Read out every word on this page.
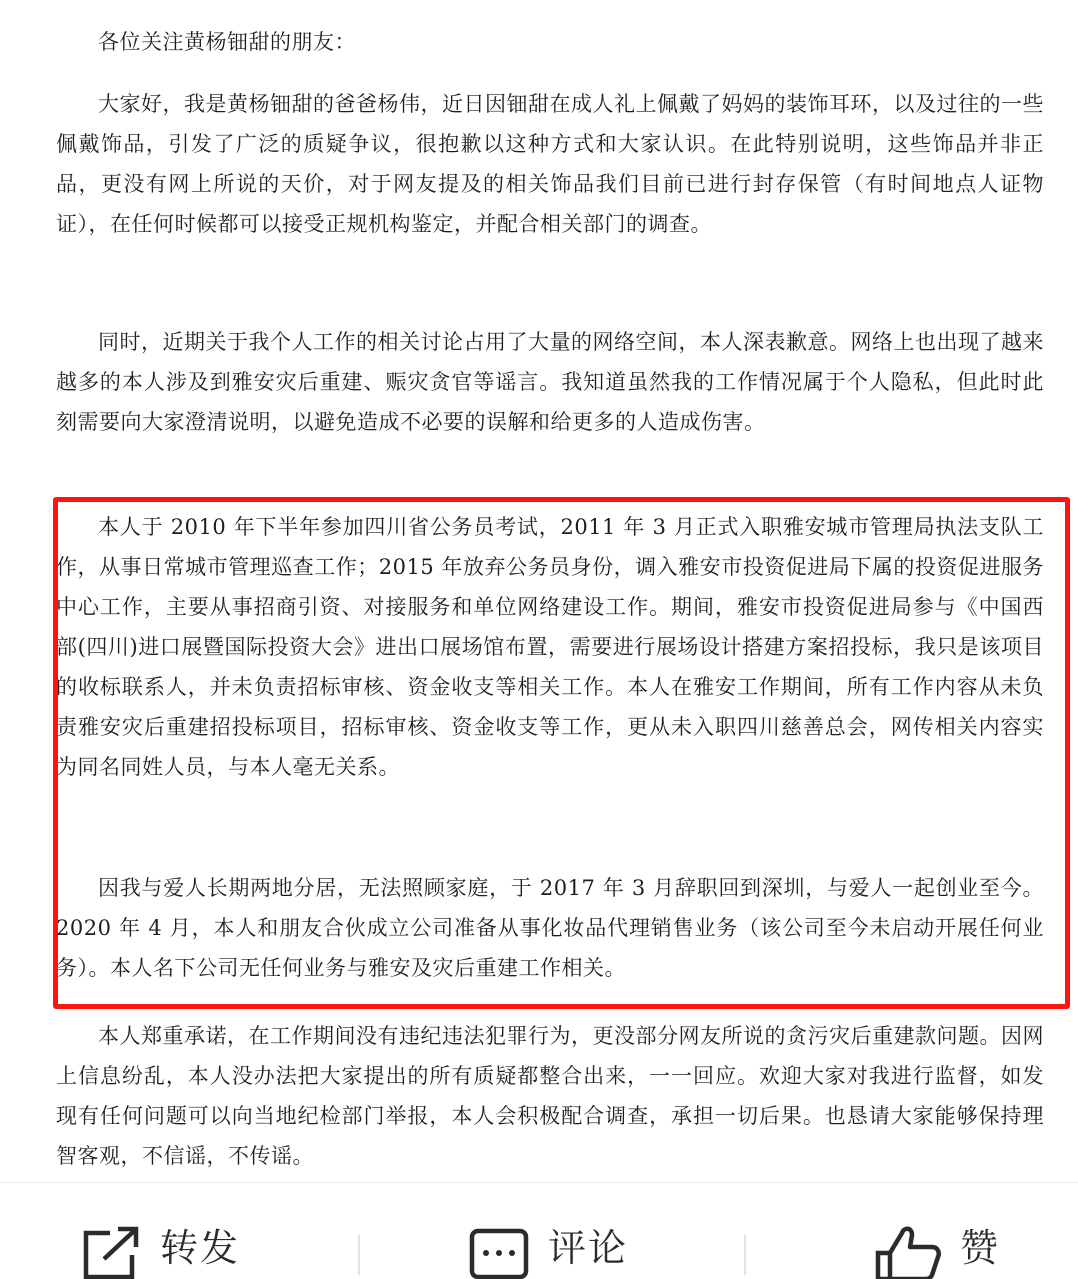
各位关注黄杨钿甜的朋友：

大家好，我是黄杨钿甜的爸爸杨伟，近日因钿甜在成人礼上佩戴了妈妈的装饰耳环，以及过往的一些佩戴饰品，引发了广泛的质疑争议，很抱歉以这种方式和大家认识。在此特别说明，这些饰品并非正品，更没有网上所说的天价，对于网友提及的相关饰品我们目前已进行封存保管（有时间地点人证物证），在任何时候都可以接受正规机构鉴定，并配合相关部门的调查。

同时，近期关于我个人工作的相关讨论占用了大量的网络空间，本人深表歉意。网络上也出现了越来越多的本人涉及到雅安灾后重建、赈灾贪官等谣言。我知道虽然我的工作情况属于个人隐私，但此时此刻需要向大家澄清说明，以避免造成不必要的误解和给更多的人造成伤害。

本人于 2010 年下半年参加四川省公务员考试，2011 年 3 月正式入职雅安城市管理局执法支队工作，从事日常城市管理巡查工作；2015 年放弃公务员身份，调入雅安市投资促进局下属的投资促进服务中心工作，主要从事招商引资、对接服务和单位网络建设工作。期间，雅安市投资促进局参与《中国西部(四川)进口展暨国际投资大会》进出口展场馆布置，需要进行展场设计搭建方案招投标，我只是该项目的收标联系人，并未负责招标审核、资金收支等相关工作。本人在雅安工作期间，所有工作内容从未负责雅安灾后重建招投标项目，招标审核、资金收支等工作，更从未入职四川慈善总会，网传相关内容实为同名同姓人员，与本人毫无关系。

因我与爱人长期两地分居，无法照顾家庭，于 2017 年 3 月辞职回到深圳，与爱人一起创业至今。2020 年 4 月，本人和朋友合伙成立公司准备从事化妆品代理销售业务（该公司至今未启动开展任何业务）。本人名下公司无任何业务与雅安及灾后重建工作相关。

本人郑重承诺，在工作期间没有违纪违法犯罪行为，更没部分网友所说的贪污灾后重建款问题。因网上信息纷乱，本人没办法把大家提出的所有质疑都整合出来，一一回应。欢迎大家对我进行监督，如发现有任何问题可以向当地纪检部门举报，本人会积极配合调查，承担一切后果。也恳请大家能够保持理智客观，不信谣，不传谣。

转发	评论	赞
